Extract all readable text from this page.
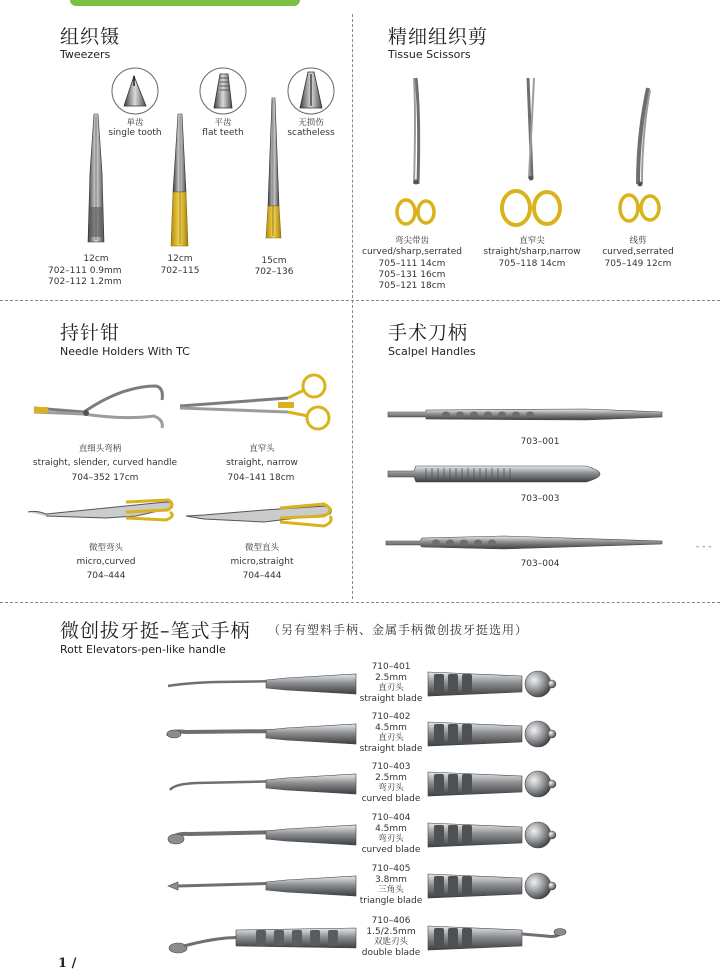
- - -
组织镊
Tweezers
单齿
single tooth
平齿
flat teeth
无损伤
scatheless
12cm
702–111 0.9mm
702–112 1.2mm
12cm
702–115
15cm
702–136
精细组织剪
Tissue Scissors
弯尖带齿
curved/sharp,serrated
705–111 14cm
705–131 16cm
705–121 18cm
直窄尖
straight/sharp,narrow
705–118 14cm
线剪
curved,serrated
705–149 12cm
持针钳
Needle Holders With TC
直细头弯柄
straight, slender, curved handle
704–352 17cm
直窄头
straight, narrow
704–141 18cm
微型弯头
micro,curved
704–444
微型直头
micro,straight
704–444
手术刀柄
Scalpel Handles
703–001
703–003
703–004
微创拔牙挺–笔式手柄 （另有塑料手柄、金属手柄微创拔牙挺选用）
Rott Elevators-pen-like handle
710–401
2.5mm
直刃头
straight blade
710–402
4.5mm
直刃头
straight blade
710–403
2.5mm
弯刃头
curved blade
710–404
4.5mm
弯刃头
curved blade
710–405
3.8mm
三角头
triangle blade
710–406
1.5/2.5mm
双匙刃头
double blade
1 /
